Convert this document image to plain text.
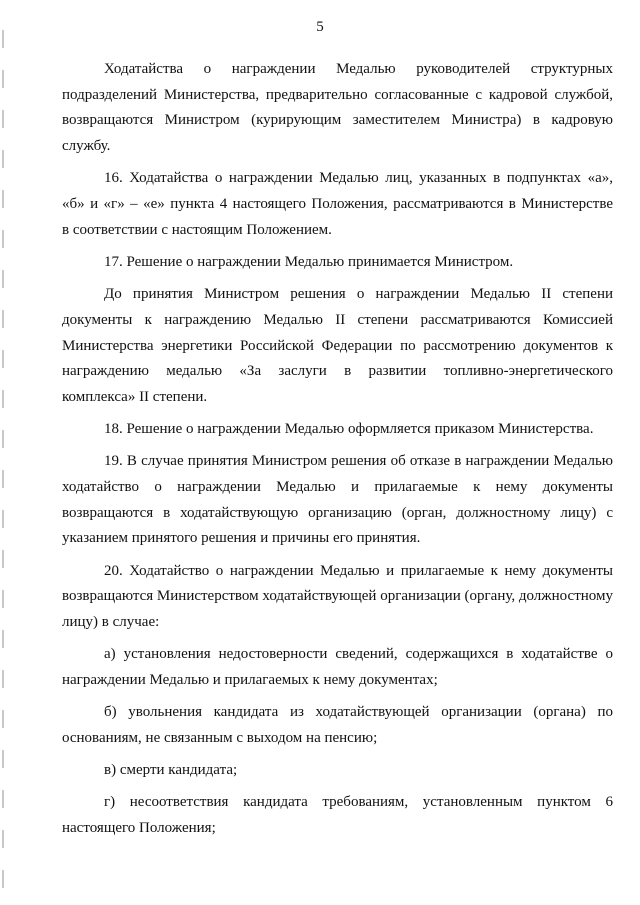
5

Ходатайства о награждении Медалью руководителей структурных
подразделений Министерства, предварительно согласованные с кадровой службой,
возвращаются Министром (курирующим заместителем Министра) в кадровую
службу.

16. Ходатайства о награждении Медалью лиц, указанных в подпунктах «а»,
«б» и «г» – «е» пункта 4 настоящего Положения, рассматриваются в Министерстве
в соответствии с настоящим Положением.

17. Решение о награждении Медалью принимается Министром.

До принятия Министром решения о награждении Медалью II степени
документы к награждению Медалью II степени рассматриваются Комиссией
Министерства энергетики Российской Федерации по рассмотрению документов к
награждению медалью «За заслуги в развитии топливно-энергетического
комплекса» II степени.

18. Решение о награждении Медалью оформляется приказом Министерства.

19. В случае принятия Министром решения об отказе в награждении Медалью
ходатайство о награждении Медалью и прилагаемые к нему документы
возвращаются в ходатайствующую организацию (орган, должностному лицу) с
указанием принятого решения и причины его принятия.

20. Ходатайство о награждении Медалью и прилагаемые к нему документы
возвращаются Министерством ходатайствующей организации (органу, должностному
лицу) в случае:

а) установления недостоверности сведений, содержащихся в ходатайстве о
награждении Медалью и прилагаемых к нему документах;

б) увольнения кандидата из ходатайствующей организации (органа) по
основаниям, не связанным с выходом на пенсию;

в) смерти кандидата;

г) несоответствия кандидата требованиям, установленным пунктом 6
настоящего Положения;
